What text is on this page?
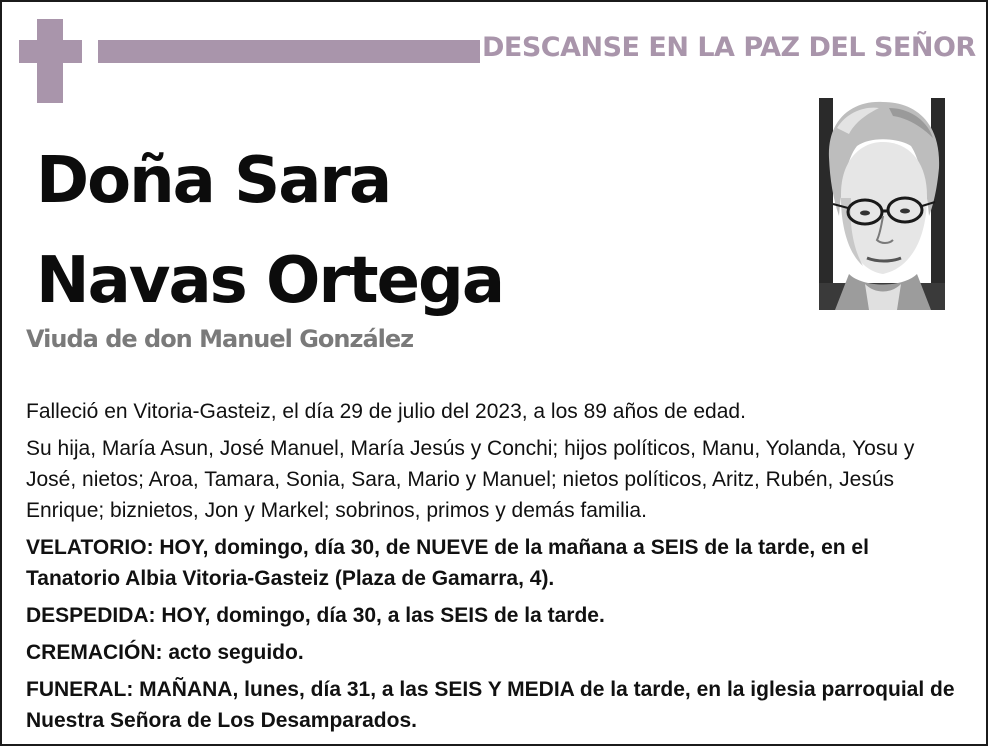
DESCANSE EN LA PAZ DEL SEÑOR
Doña Sara
Navas Ortega
Viuda de don Manuel González

Falleció en Vitoria-Gasteiz, el día 29 de julio del 2023, a los 89 años de edad.

Su hija, María Asun, José Manuel, María Jesús y Conchi; hijos políticos, Manu, Yolanda, Yosu y José, nietos; Aroa, Tamara, Sonia, Sara, Mario y Manuel; nietos políticos, Aritz, Rubén, Jesús Enrique; biznietos, Jon y Markel; sobrinos, primos y demás familia.

VELATORIO: HOY, domingo, día 30, de NUEVE de la mañana a SEIS de la tarde, en el Tanatorio Albia Vitoria-Gasteiz (Plaza de Gamarra, 4).

DESPEDIDA: HOY, domingo, día 30, a las SEIS de la tarde.

CREMACIÓN: acto seguido.

FUNERAL: MAÑANA, lunes, día 31, a las SEIS Y MEDIA de la tarde, en la iglesia parroquial de Nuestra Señora de Los Desamparados.
